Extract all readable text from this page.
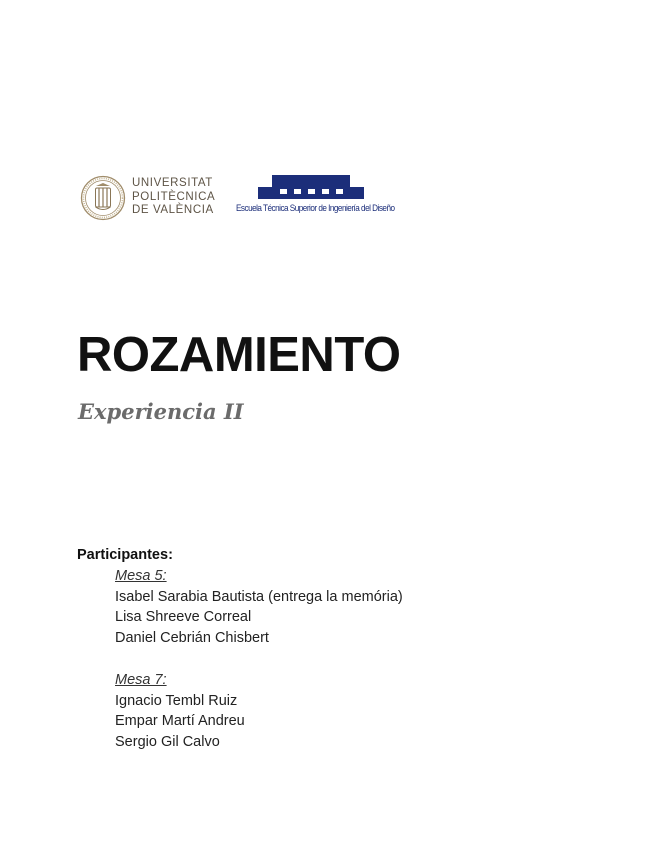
UNIVERSITAT
POLITÈCNICA
DE VALÈNCIA Escuela Técnica Superior de Ingeniería del Diseño
ROZAMIENTO
Experiencia II
Participantes:
Mesa 5:
Isabel Sarabia Bautista (entrega la memória)
Lisa Shreeve Correal
Daniel Cebrián Chisbert
Mesa 7:
Ignacio Tembl Ruiz
Empar Martí Andreu
Sergio Gil Calvo
